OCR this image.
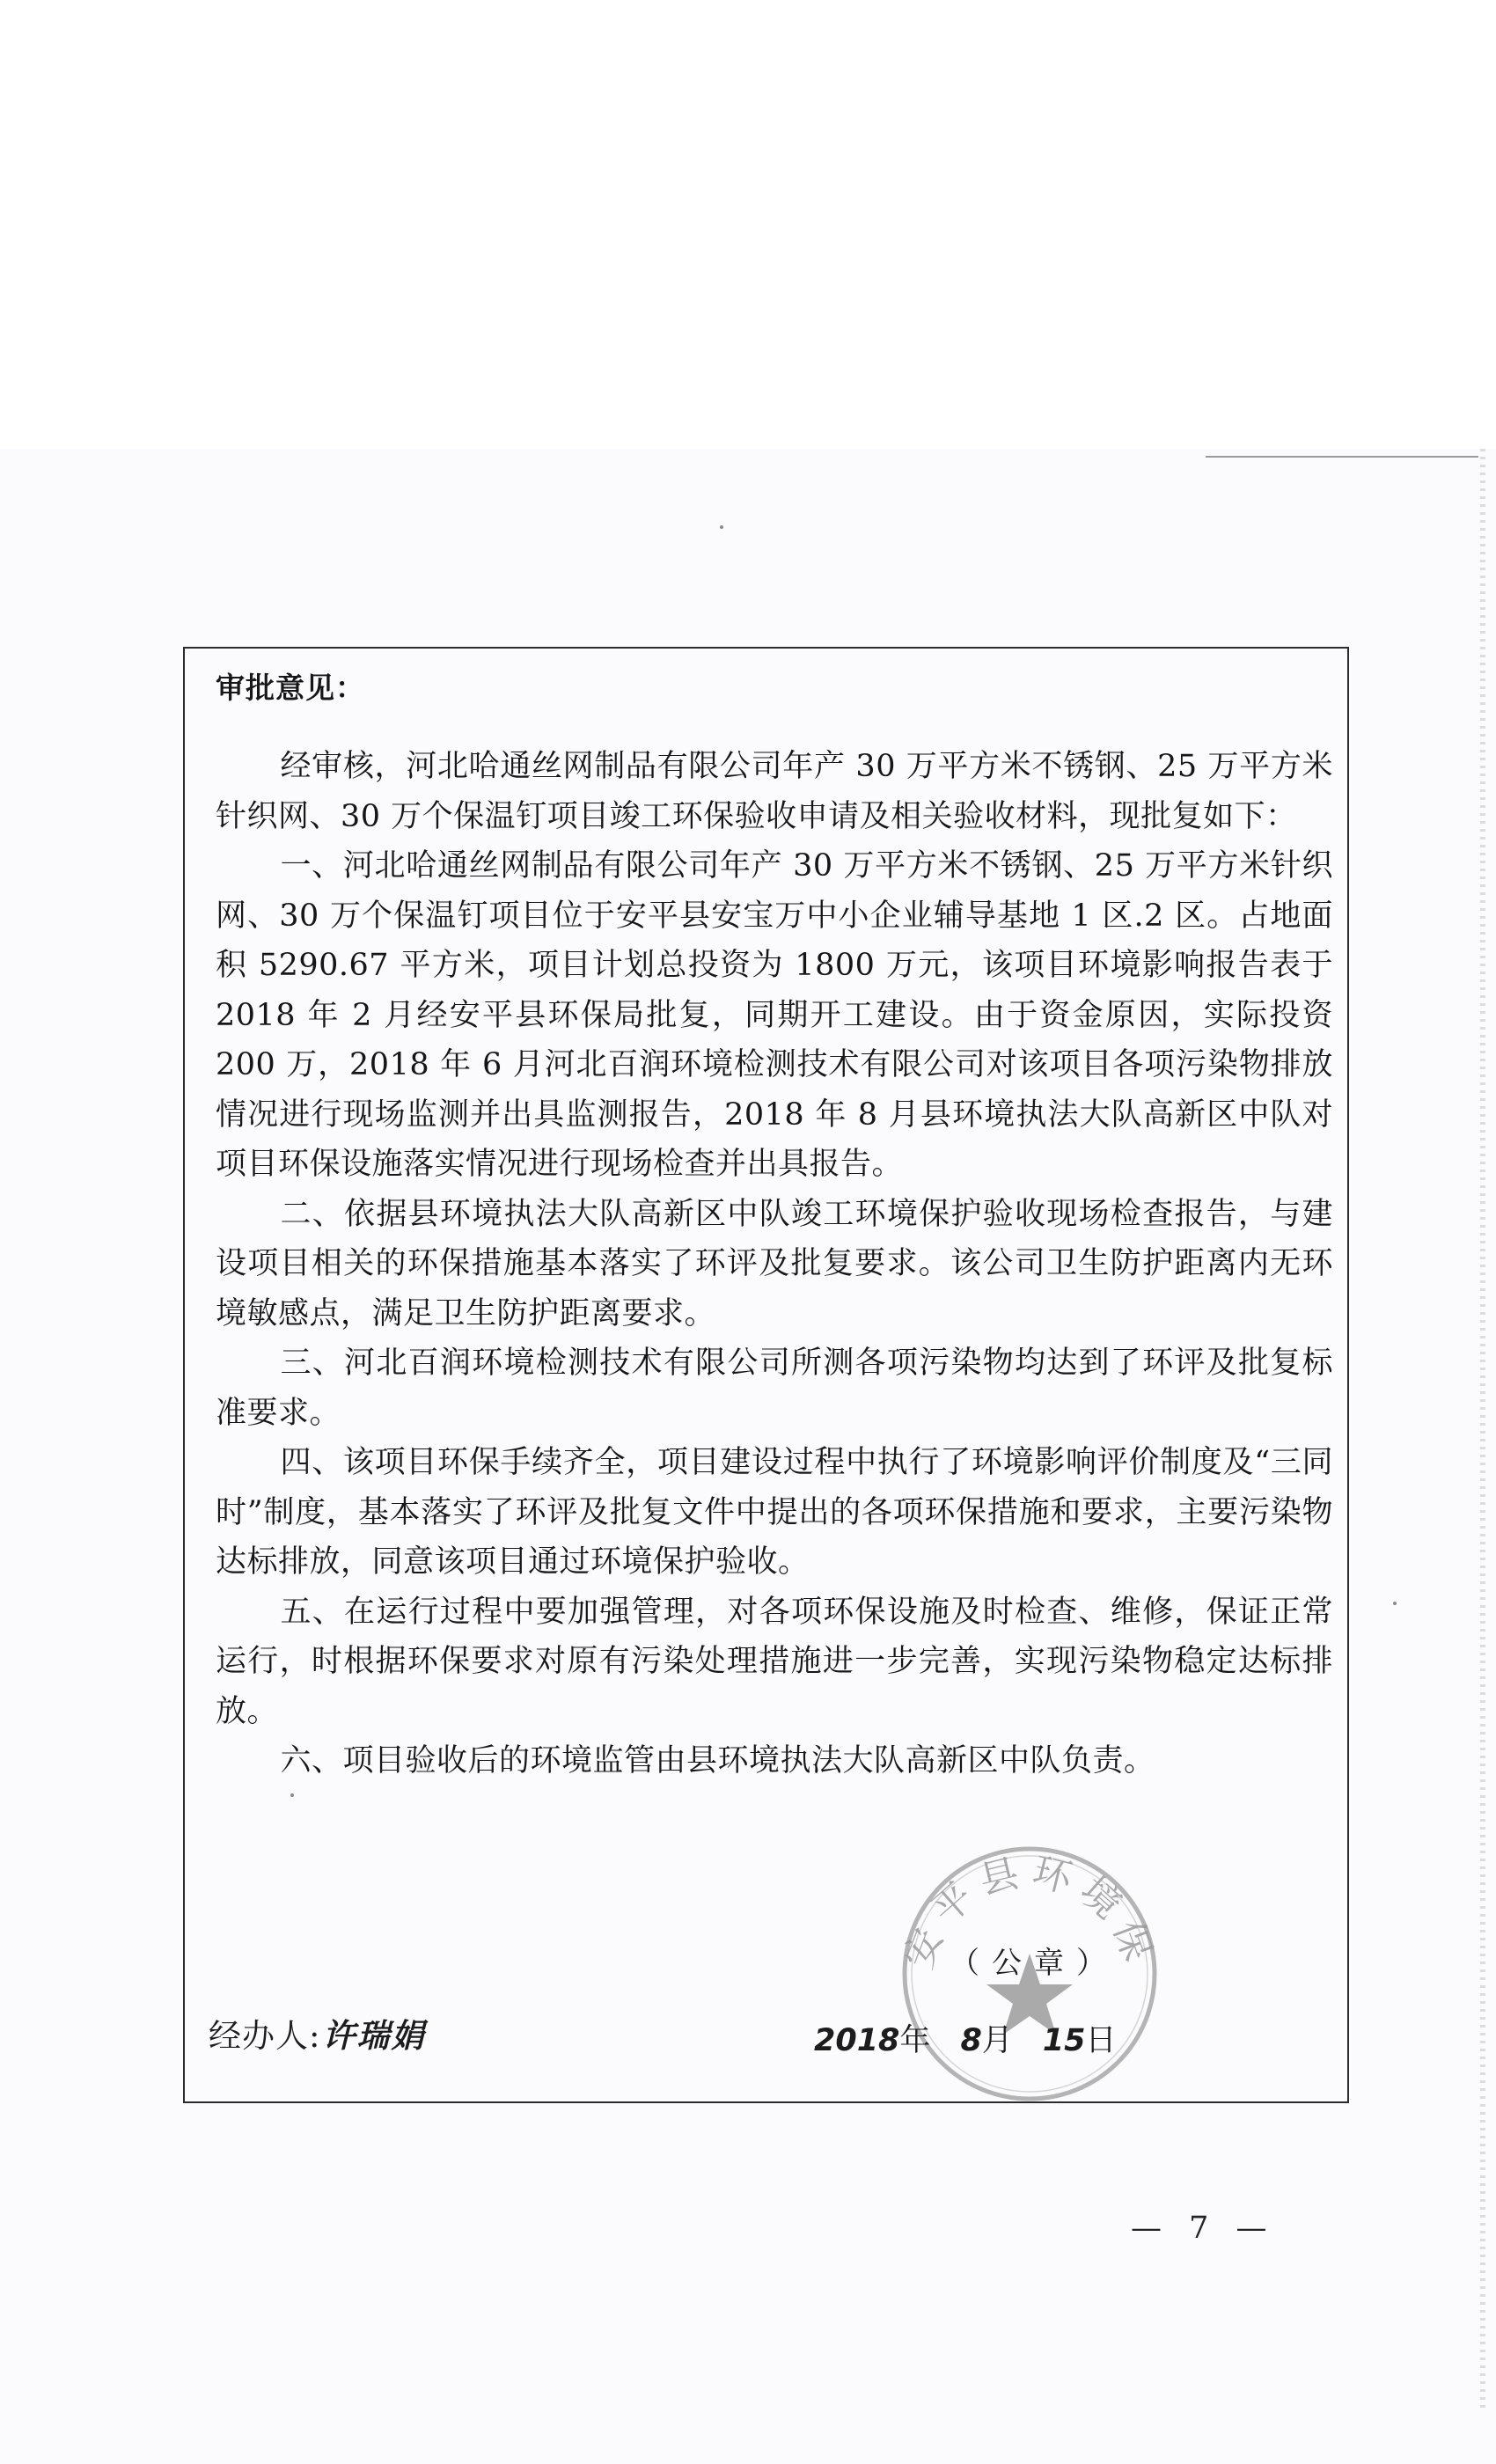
审批意见：

经审核，河北哈通丝网制品有限公司年产 30 万平方米不锈钢、25 万平方米针织网、30 万个保温钉项目竣工环保验收申请及相关验收材料，现批复如下：

一、河北哈通丝网制品有限公司年产 30 万平方米不锈钢、25 万平方米针织网、30 万个保温钉项目位于安平县安宝万中小企业辅导基地 1 区.2 区。占地面积 5290.67 平方米，项目计划总投资为 1800 万元，该项目环境影响报告表于 2018 年 2 月经安平县环保局批复，同期开工建设。由于资金原因，实际投资 200 万，2018 年 6 月河北百润环境检测技术有限公司对该项目各项污染物排放情况进行现场监测并出具监测报告，2018 年 8 月县环境执法大队高新区中队对项目环保设施落实情况进行现场检查并出具报告。

二、依据县环境执法大队高新区中队竣工环境保护验收现场检查报告，与建设项目相关的环保措施基本落实了环评及批复要求。该公司卫生防护距离内无环境敏感点，满足卫生防护距离要求。

三、河北百润环境检测技术有限公司所测各项污染物均达到了环评及批复标准要求。

四、该项目环保手续齐全，项目建设过程中执行了环境影响评价制度及“三同时”制度，基本落实了环评及批复文件中提出的各项环保措施和要求，主要污染物达标排放，同意该项目通过环境保护验收。

五、在运行过程中要加强管理，对各项环保设施及时检查、维修，保证正常运行，时根据环保要求对原有污染处理措施进一步完善，实现污染物稳定达标排放。

六、项目验收后的环境监管由县环境执法大队高新区中队负责。

安平县环境保
（公章）
经办人:许瑞娟	2018年 8月 15日
— 7 —
